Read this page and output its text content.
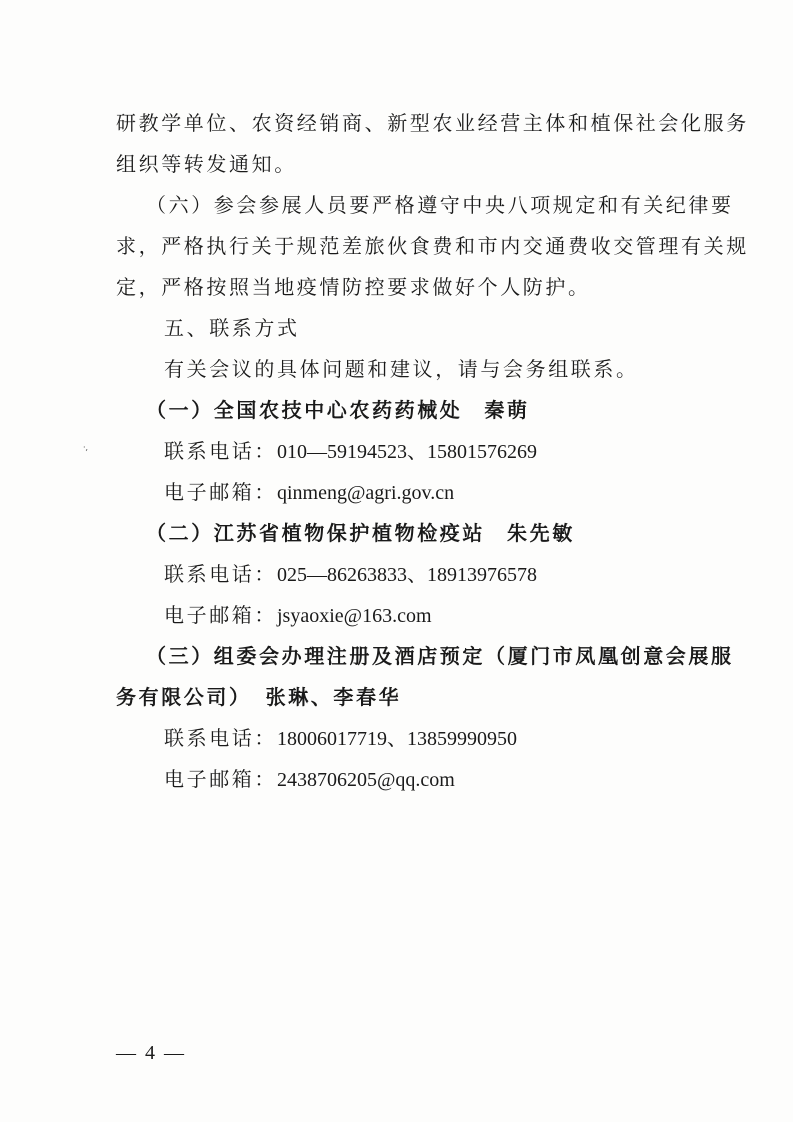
研教学单位、农资经销商、新型农业经营主体和植保社会化服务
组织等转发通知。
（六）参会参展人员要严格遵守中央八项规定和有关纪律要
求，严格执行关于规范差旅伙食费和市内交通费收交管理有关规
定，严格按照当地疫情防控要求做好个人防护。
五、联系方式
有关会议的具体问题和建议，请与会务组联系。
（一）全国农技中心农药药械处 秦萌
联系电话：010—59194523、15801576269
电子邮箱：qinmeng@agri.gov.cn
（二）江苏省植物保护植物检疫站 朱先敏
联系电话：025—86263833、18913976578
电子邮箱：jsyaoxie@163.com
（三）组委会办理注册及酒店预定（厦门市凤凰创意会展服
务有限公司） 张琳、李春华
联系电话：18006017719、13859990950
电子邮箱：2438706205@qq.com
·,
— 4 —
